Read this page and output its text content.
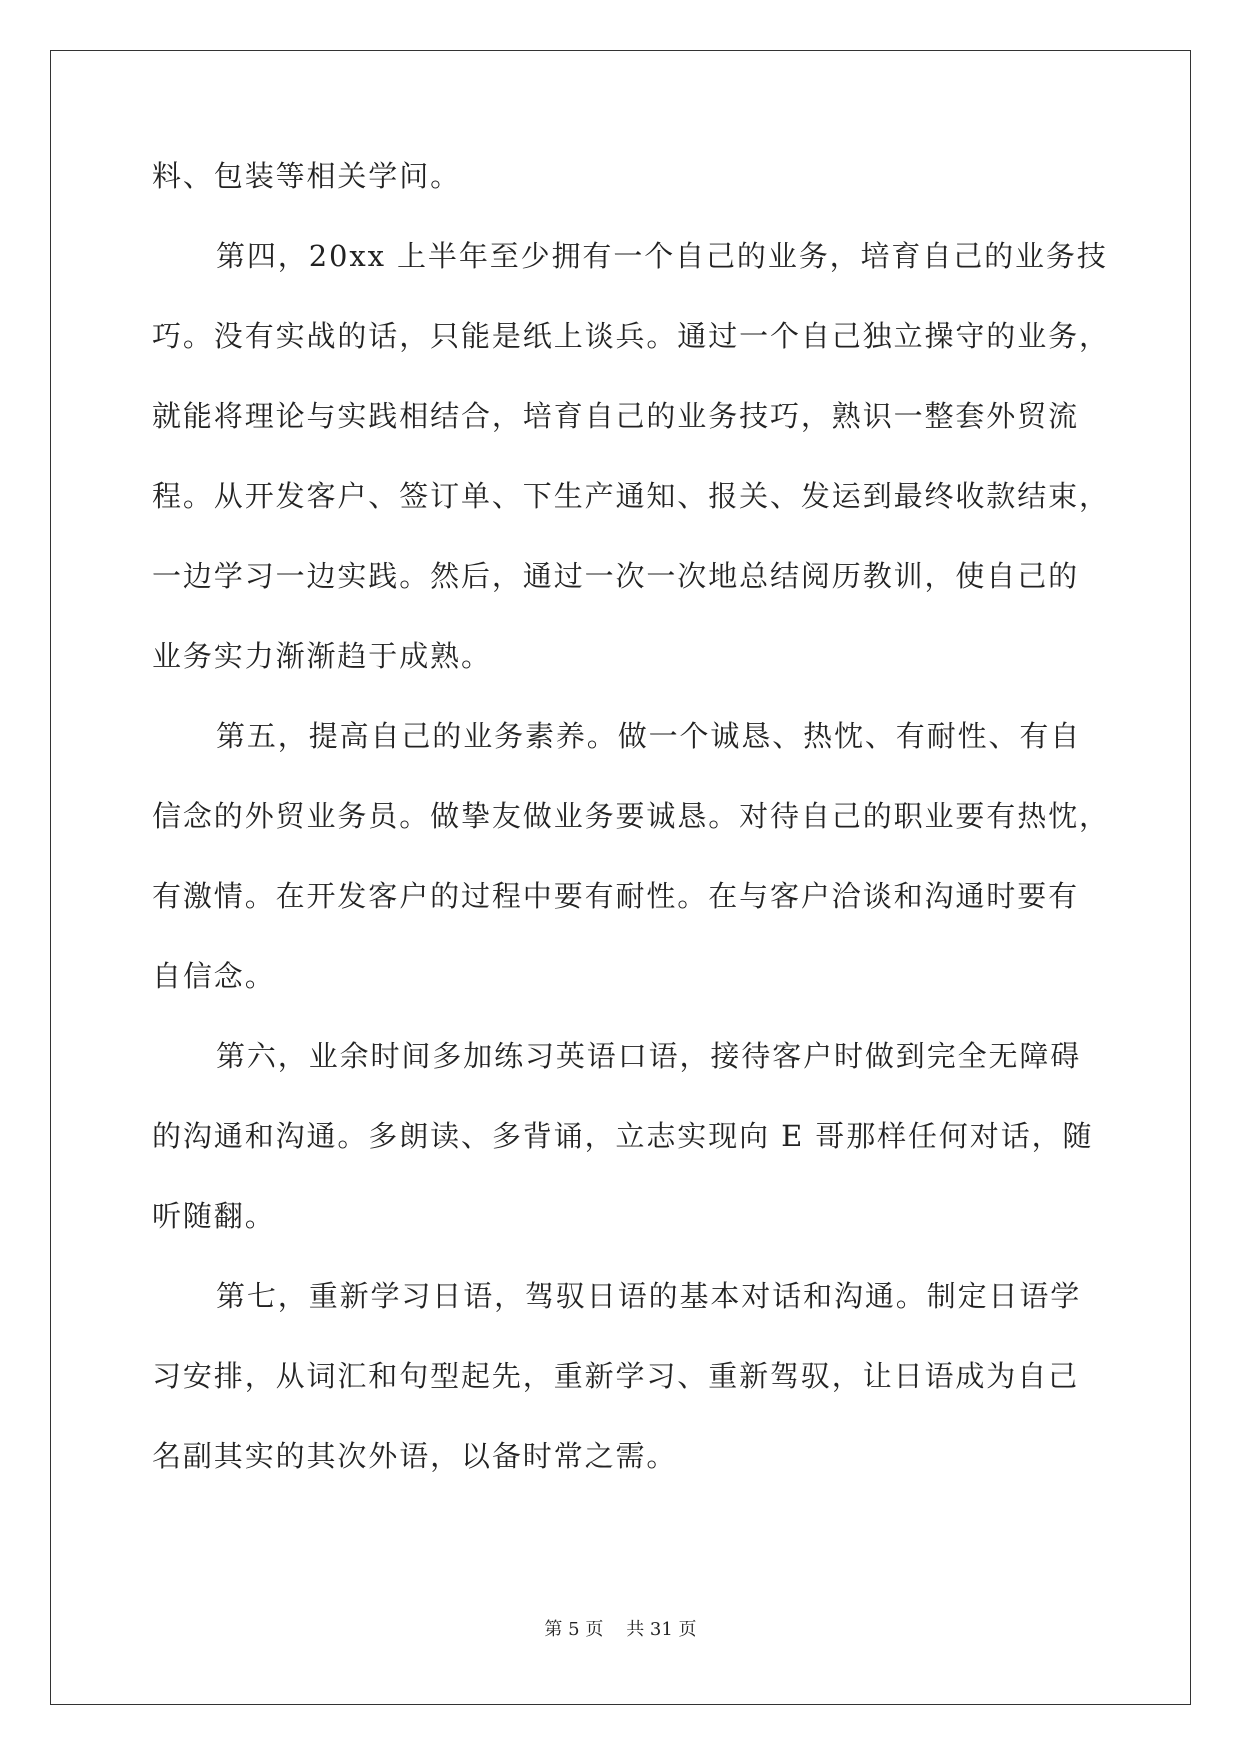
料、包装等相关学问。
第四，20xx 上半年至少拥有一个自己的业务，培育自己的业务技
巧。没有实战的话，只能是纸上谈兵。通过一个自己独立操守的业务，
就能将理论与实践相结合，培育自己的业务技巧，熟识一整套外贸流
程。从开发客户、签订单、下生产通知、报关、发运到最终收款结束，
一边学习一边实践。然后，通过一次一次地总结阅历教训，使自己的
业务实力渐渐趋于成熟。
第五，提高自己的业务素养。做一个诚恳、热忱、有耐性、有自
信念的外贸业务员。做挚友做业务要诚恳。对待自己的职业要有热忱，
有激情。在开发客户的过程中要有耐性。在与客户洽谈和沟通时要有
自信念。
第六，业余时间多加练习英语口语，接待客户时做到完全无障碍
的沟通和沟通。多朗读、多背诵，立志实现向 E 哥那样任何对话，随
听随翻。
第七，重新学习日语，驾驭日语的基本对话和沟通。制定日语学
习安排，从词汇和句型起先，重新学习、重新驾驭，让日语成为自己
名副其实的其次外语，以备时常之需。
第 5 页    共 31 页
